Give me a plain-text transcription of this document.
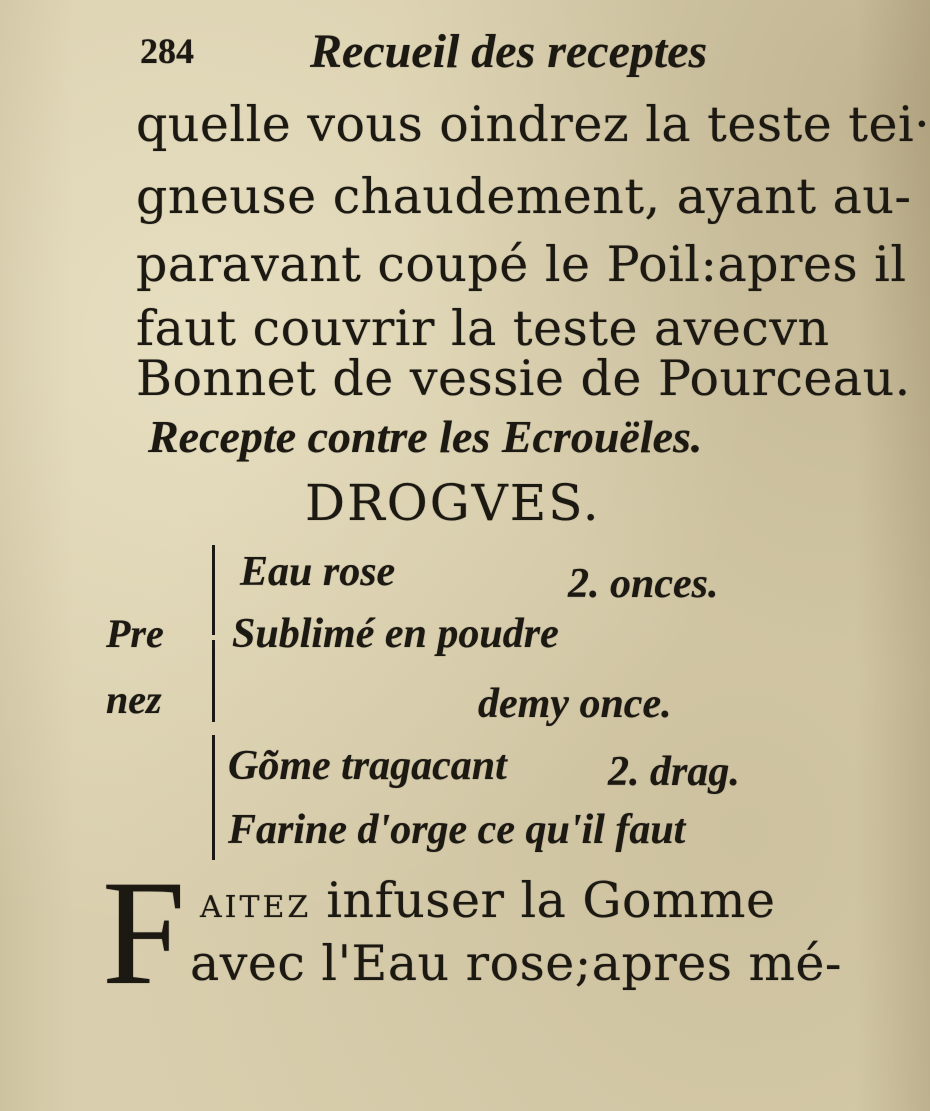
284 Recueil des receptes
quelle vous oindrez la teste tei·
gneuse chaudement, ayant au-
paravant coupé le Poil:apres il
faut couvrir la teste avecvn
Bonnet de vessie de Pourceau.
Recepte contre les Ecrouëles.
DROGVES.
Pre
nez
Eau rose	2. onces.
Sublimé en poudre
demy once.
Gõme tragacant 2. drag.
Farine d'orge ce qu'il faut
F AITEZ infuser la Gomme
avec l'Eau rose;apres mé-
